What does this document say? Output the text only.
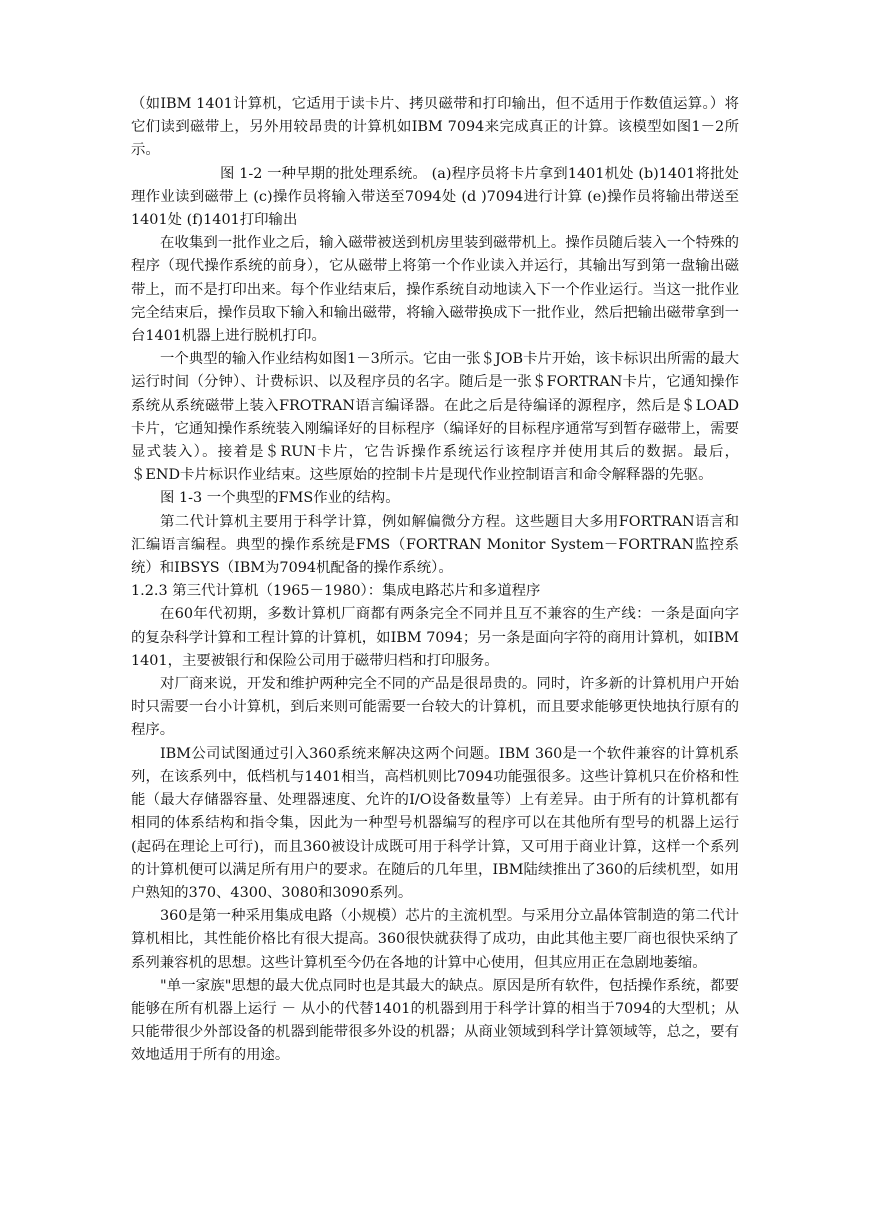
（如IBM 1401计算机，它适用于读卡片、拷贝磁带和打印输出，但不适用于作数值运算。）将它们读到磁带上，另外用较昂贵的计算机如IBM 7094来完成真正的计算。该模型如图1－2所示。

图 1-2 一种早期的批处理系统。 (a)程序员将卡片拿到1401机处 (b)1401将批处理作业读到磁带上 (c)操作员将输入带送至7094处 (d )7094进行计算 (e)操作员将输出带送至1401处 (f)1401打印输出

在收集到一批作业之后，输入磁带被送到机房里装到磁带机上。操作员随后装入一个特殊的程序（现代操作系统的前身），它从磁带上将第一个作业读入并运行，其输出写到第一盘输出磁带上，而不是打印出来。每个作业结束后，操作系统自动地读入下一个作业运行。当这一批作业完全结束后，操作员取下输入和输出磁带，将输入磁带换成下一批作业，然后把输出磁带拿到一台1401机器上进行脱机打印。

一个典型的输入作业结构如图1－3所示。它由一张＄JOB卡片开始，该卡标识出所需的最大运行时间（分钟）、计费标识、以及程序员的名字。随后是一张＄FORTRAN卡片，它通知操作系统从系统磁带上装入FROTRAN语言编译器。在此之后是待编译的源程序，然后是＄LOAD卡片，它通知操作系统装入刚编译好的目标程序（编译好的目标程序通常写到暂存磁带上，需要显式装入）。接着是＄RUN卡片，它告诉操作系统运行该程序并使用其后的数据。最后，＄END卡片标识作业结束。这些原始的控制卡片是现代作业控制语言和命令解释器的先驱。

图 1-3 一个典型的FMS作业的结构。

第二代计算机主要用于科学计算，例如解偏微分方程。这些题目大多用FORTRAN语言和汇编语言编程。典型的操作系统是FMS（FORTRAN Monitor System－FORTRAN监控系统）和IBSYS（IBM为7094机配备的操作系统）。

1.2.3 第三代计算机（1965－1980）：集成电路芯片和多道程序

在60年代初期，多数计算机厂商都有两条完全不同并且互不兼容的生产线：一条是面向字的复杂科学计算和工程计算的计算机，如IBM 7094；另一条是面向字符的商用计算机，如IBM 1401，主要被银行和保险公司用于磁带归档和打印服务。

对厂商来说，开发和维护两种完全不同的产品是很昂贵的。同时，许多新的计算机用户开始时只需要一台小计算机，到后来则可能需要一台较大的计算机，而且要求能够更快地执行原有的程序。

IBM公司试图通过引入360系统来解决这两个问题。IBM 360是一个软件兼容的计算机系列，在该系列中，低档机与1401相当，高档机则比7094功能强很多。这些计算机只在价格和性能（最大存储器容量、处理器速度、允许的I/O设备数量等）上有差异。由于所有的计算机都有相同的体系结构和指令集，因此为一种型号机器编写的程序可以在其他所有型号的机器上运行(起码在理论上可行)，而且360被设计成既可用于科学计算，又可用于商业计算，这样一个系列的计算机便可以满足所有用户的要求。在随后的几年里，IBM陆续推出了360的后续机型，如用户熟知的370、4300、3080和3090系列。

360是第一种采用集成电路（小规模）芯片的主流机型。与采用分立晶体管制造的第二代计算机相比，其性能价格比有很大提高。360很快就获得了成功，由此其他主要厂商也很快采纳了系列兼容机的思想。这些计算机至今仍在各地的计算中心使用，但其应用正在急剧地萎缩。

"单一家族"思想的最大优点同时也是其最大的缺点。原因是所有软件，包括操作系统，都要能够在所有机器上运行 － 从小的代替1401的机器到用于科学计算的相当于7094的大型机；从只能带很少外部设备的机器到能带很多外设的机器；从商业领域到科学计算领域等，总之，要有效地适用于所有的用途。
